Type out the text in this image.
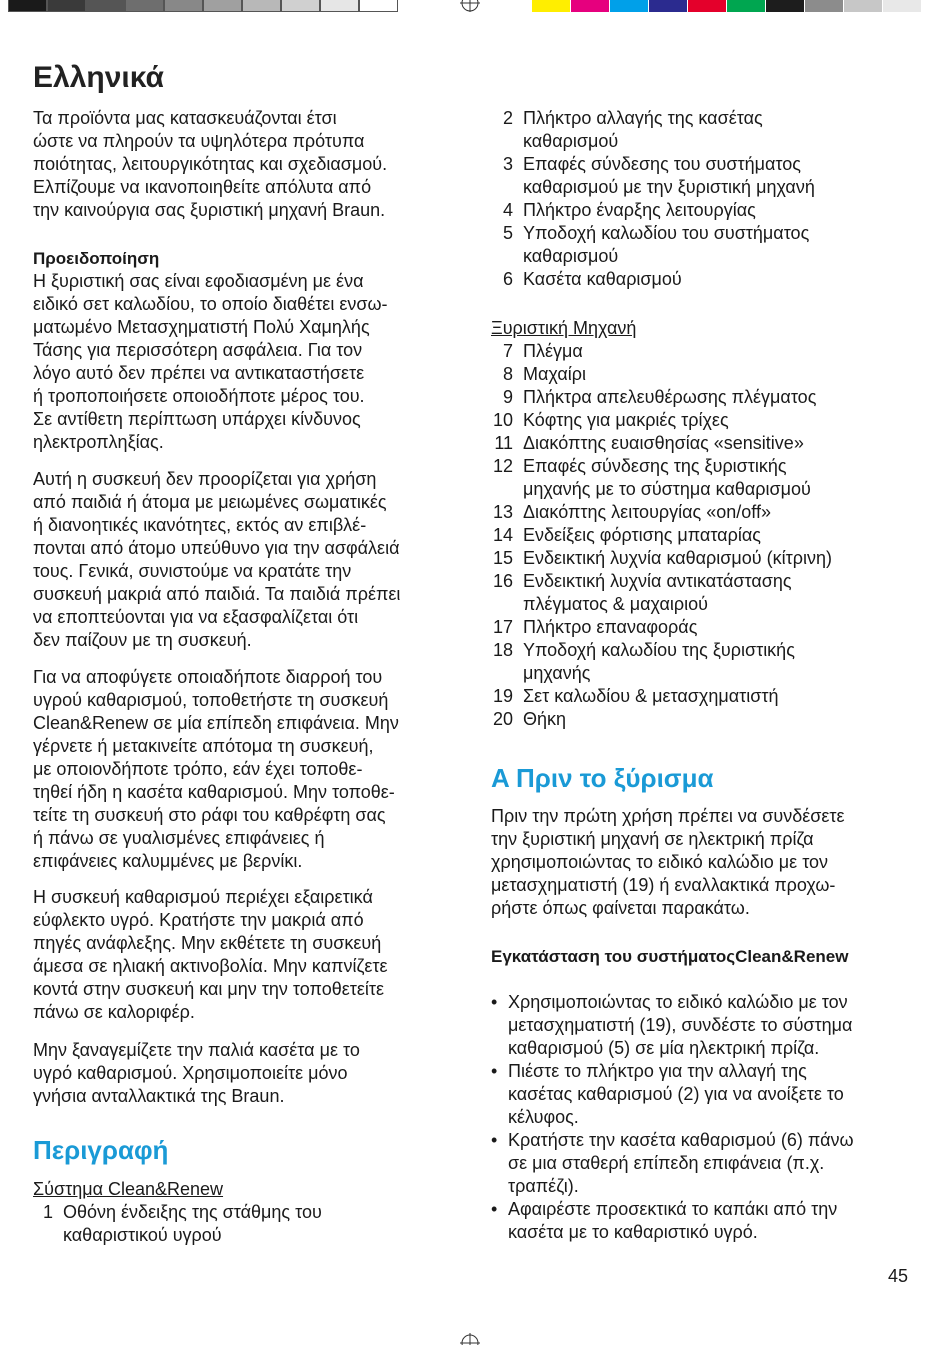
Ελληνικά
Τα προϊόντα μας κατασκευάζονται έτσι
ώστε να πληρούν τα υψηλότερα πρότυπα
ποιότητας, λειτουργικότητας και σχεδιασμού.
Ελπίζουμε να ικανοποιηθείτε απόλυτα από
την καινούργια σας ξυριστική μηχανή Braun.
Προειδοποίηση
Η ξυριστική σας είναι εφοδιασμένη με ένα
ειδικό σετ καλωδίου, το οποίο διαθέτει ενσω-
ματωμένο Μετασχηματιστή Πολύ Χαμηλής
Τάσης για περισσότερη ασφάλεια. Για τον
λόγο αυτό δεν πρέπει να αντικαταστήσετε
ή τροποποιήσετε οποιοδήποτε μέρος του.
Σε αντίθετη περίπτωση υπάρχει κίνδυνος
ηλεκτροπληξίας.
Αυτή η συσκευή δεν προορίζεται για χρήση
από παιδιά ή άτομα με μειωμένες σωματικές
ή διανοητικές ικανότητες, εκτός αν επιβλέ-
πονται από άτομο υπεύθυνο για την ασφάλειά
τους. Γενικά, συνιστούμε να κρατάτε την
συσκευή μακριά από παιδιά. Τα παιδιά πρέπει
να εποπτεύονται για να εξασφαλίζεται ότι
δεν παίζουν με τη συσκευή.
Για να αποφύγετε οποιαδήποτε διαρροή του
υγρού καθαρισμού, τοποθετήστε τη συσκευή
Clean&Renew σε μία επίπεδη επιφάνεια. Μην
γέρνετε ή μετακινείτε απότομα τη συσκευή,
με οποιονδήποτε τρόπο, εάν έχει τοποθε-
τηθεί ήδη η κασέτα καθαρισμού. Μην τοποθε-
τείτε τη συσκευή στο ράφι του καθρέφτη σας
ή πάνω σε γυαλισμένες επιφάνειες ή
επιφάνειες καλυμμένες με βερνίκι.
Η συσκευή καθαρισμού περιέχει εξαιρετικά
εύφλεκτο υγρό. Κρατήστε την μακριά από
πηγές ανάφλεξης. Μην εκθέτετε τη συσκευή
άμεσα σε ηλιακή ακτινοβολία. Μην καπνίζετε
κοντά στην συσκευή και μην την τοποθετείτε
πάνω σε καλοριφέρ.
Μην ξαναγεμίζετε την παλιά κασέτα με το
υγρό καθαρισμού. Χρησιμοποιείτε μόνο
γνήσια ανταλλακτικά της Braun.
Περιγραφή
Σύστημα Clean&Renew
1 Οθόνη ένδειξης της στάθμης του
καθαριστικού υγρού
2 Πλήκτρο αλλαγής της κασέτας
καθαρισμού
3 Επαφές σύνδεσης του συστήματος
καθαρισμού με την ξυριστική μηχανή
4 Πλήκτρο έναρξης λειτουργίας
5 Υποδοχή καλωδίου του συστήματος
καθαρισμού
6 Κασέτα καθαρισμού
Ξυριστική Μηχανή
7 Πλέγμα
8 Μαχαίρι
9 Πλήκτρα απελευθέρωσης πλέγματος
10 Κόφτης για μακριές τρίχες
11 Διακόπτης ευαισθησίας «sensitive»
12 Επαφές σύνδεσης της ξυριστικής
μηχανής με το σύστημα καθαρισμού
13 Διακόπτης λειτουργίας «on/off»
14 Ενδείξεις φόρτισης μπαταρίας
15 Ενδεικτική λυχνία καθαρισμού (κίτρινη)
16 Ενδεικτική λυχνία αντικατάστασης
πλέγματος & μαχαιριού
17 Πλήκτρο επαναφοράς
18 Υποδοχή καλωδίου της ξυριστικής
μηχανής
19 Σετ καλωδίου & μετασχηματιστή
20 Θήκη
A Πριν το ξύρισμα
Πριν την πρώτη χρήση πρέπει να συνδέσετε
την ξυριστική μηχανή σε ηλεκτρική πρίζα
χρησιμοποιώντας το ειδικό καλώδιο με τον
μετασχηματιστή (19) ή εναλλακτικά προχω-
ρήστε όπως φαίνεται παρακάτω.
Εγκατάσταση του συστήματοςClean&Renew
• Χρησιμοποιώντας το ειδικό καλώδιο με τον
μετασχηματιστή (19), συνδέστε το σύστημα
καθαρισμού (5) σε μία ηλεκτρική πρίζα.
• Πιέστε το πλήκτρο για την αλλαγή της
κασέτας καθαρισμού (2) για να ανοίξετε το
κέλυφος.
• Κρατήστε την κασέτα καθαρισμού (6) πάνω
σε μια σταθερή επίπεδη επιφάνεια (π.χ.
τραπέζι).
• Αφαιρέστε προσεκτικά το καπάκι από την
κασέτα με το καθαριστικό υγρό.
45
